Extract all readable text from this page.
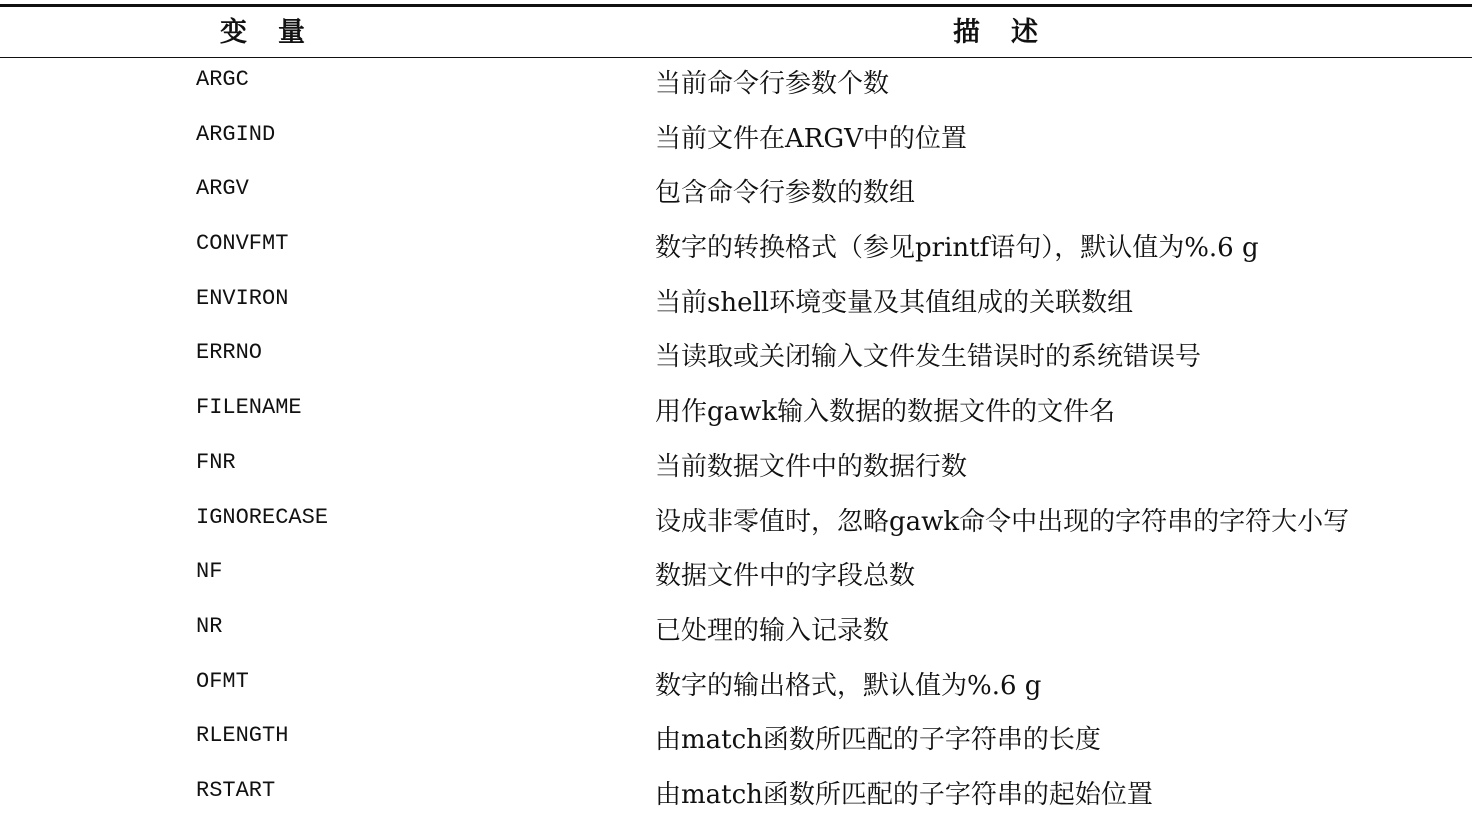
变　量	描　述
ARGC	当前命令行参数个数
ARGIND	当前文件在ARGV中的位置
ARGV	包含命令行参数的数组
CONVFMT	数字的转换格式（参见printf语句），默认值为%.6 g
ENVIRON	当前shell环境变量及其值组成的关联数组
ERRNO	当读取或关闭输入文件发生错误时的系统错误号
FILENAME	用作gawk输入数据的数据文件的文件名
FNR	当前数据文件中的数据行数
IGNORECASE	设成非零值时，忽略gawk命令中出现的字符串的字符大小写
NF	数据文件中的字段总数
NR	已处理的输入记录数
OFMT	数字的输出格式，默认值为%.6 g
RLENGTH	由match函数所匹配的子字符串的长度
RSTART	由match函数所匹配的子字符串的起始位置
